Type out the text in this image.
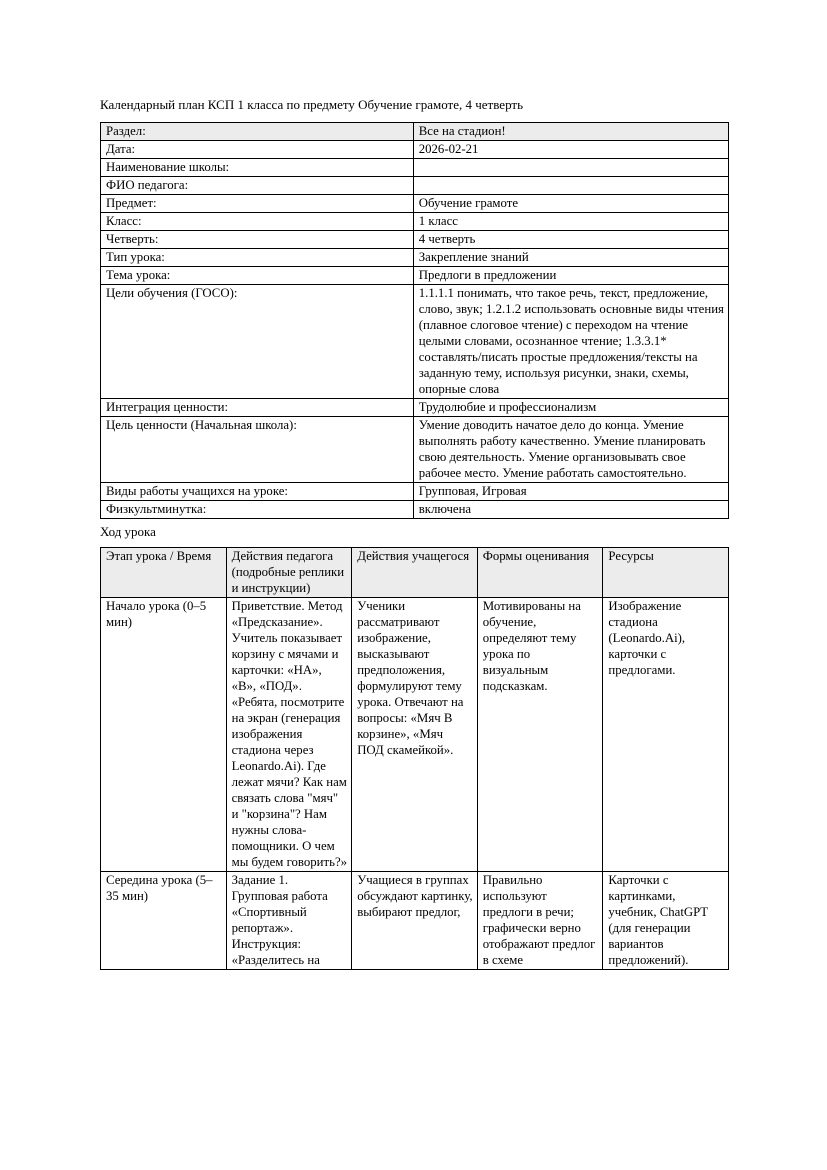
Календарный план КСП 1 класса по предмету Обучение грамоте, 4 четверть

Раздел:	Все на стадион!
Дата:	2026-02-21
Наименование школы:	
ФИО педагога:	
Предмет:	Обучение грамоте
Класс:	1 класс
Четверть:	4 четверть
Тип урока:	Закрепление знаний
Тема урока:	Предлоги в предложении
Цели обучения (ГОСО):	1.1.1.1 понимать, что такое речь, текст, предложение, слово, звук; 1.2.1.2 использовать основные виды чтения (плавное слоговое чтение) с переходом на чтение целыми словами, осознанное чтение; 1.3.3.1* составлять/писать простые предложения/тексты на заданную тему, используя рисунки, знаки, схемы, опорные слова
Интеграция ценности:	Трудолюбие и профессионализм
Цель ценности (Начальная школа):	Умение доводить начатое дело до конца. Умение выполнять работу качественно. Умение планировать свою деятельность. Умение организовывать свое рабочее место. Умение работать самостоятельно.
Виды работы учащихся на уроке:	Групповая, Игровая
Физкультминутка:	включена

Ход урока

Этап урока / Время	Действия педагога (подробные реплики и инструкции)	Действия учащегося	Формы оценивания	Ресурсы
Начало урока (0–5 мин)	Приветствие. Метод «Предсказание». Учитель показывает корзину с мячами и карточки: «НА», «В», «ПОД». «Ребята, посмотрите на экран (генерация изображения стадиона через Leonardo.Ai). Где лежат мячи? Как нам связать слова "мяч" и "корзина"? Нам нужны слова-помощники. О чем мы будем говорить?»	Ученики рассматривают изображение, высказывают предположения, формулируют тему урока. Отвечают на вопросы: «Мяч В корзине», «Мяч ПОД скамейкой».	Мотивированы на обучение, определяют тему урока по визуальным подсказкам.	Изображение стадиона (Leonardo.Ai), карточки с предлогами.
Середина урока (5–35 мин)	Задание 1. Групповая работа «Спортивный репортаж». Инструкция: «Разделитесь на	Учащиеся в группах обсуждают картинку, выбирают предлог,	Правильно используют предлоги в речи; графически верно отображают предлог в схеме	Карточки с картинками, учебник, ChatGPT (для генерации вариантов предложений).
